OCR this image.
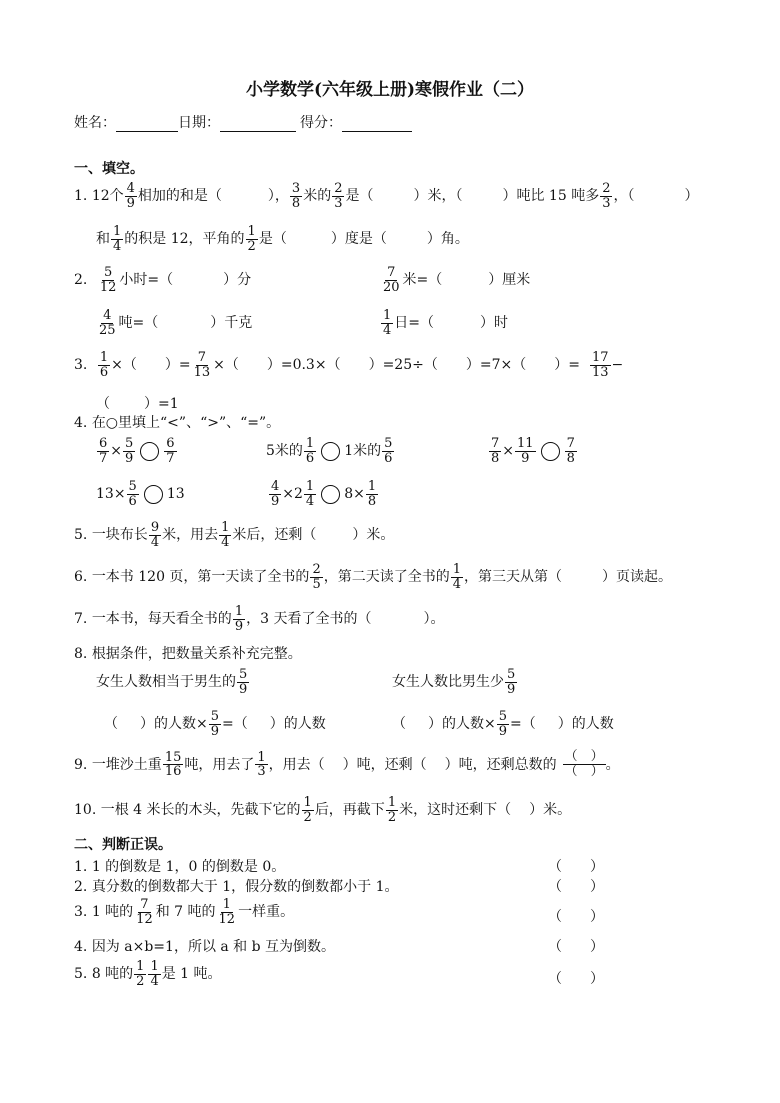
小学数学(六年级上册)寒假作业（二）
姓名：	日期：	得分：
一、填空。
1. 12个 $\frac{4}{9}$ 相加的和是（	）， $\frac{3}{8}$ 米的 $\frac{2}{3}$ 是（	）米，（	）吨比 15 吨多 $\frac{2}{3}$ ，（	）
和 $\frac{1}{4}$ 的积是 12，平角的 $\frac{1}{2}$ 是（	）度是（	）角。
2. $\frac{5}{12}$ 小时=（	）分	$\frac{7}{20}$ 米=（	）厘米
$\frac{4}{25}$ 吨=（	）千克	$\frac{1}{4}$ 日=（	）时
3. $\frac{1}{6}$ ×（ ）= $\frac{7}{13}$ ×（ ）=0.3×（ ）=25÷（ ）=7×（ ）= $\frac{17}{13}$ −
（ ）=1
4. 在○里填上“<”、“>”、“=”。
$\frac{6}{7} \times \frac{5}{9} \frac{6}{7}$	5米的 $\frac{1}{6} 1$米的 $\frac{5}{6}$	$\frac{7}{8} \times \frac{11}{9} \frac{7}{8}$
$13\times \frac{5}{6} 13$	$\frac{4}{9} \times 2 \frac{1}{4} 8\times \frac{1}{8}$
5. 一块布长 $\frac{9}{4}$ 米，用去 $\frac{1}{4}$ 米后，还剩（	）米。
6. 一本书 120 页，第一天读了全书的 $\frac{2}{5}$ ，第二天读了全书的 $\frac{1}{4}$ ，第三天从第（	）页读起。
7. 一本书，每天看全书的 $\frac{1}{9}$ ，3 天看了全书的（	）。
8. 根据条件，把数量关系补充完整。
女生人数相当于男生的 $\frac{5}{9}$	女生人数比男生少 $\frac{5}{9}$
（ ）的人数× $\frac{5}{9}$ =（ ）的人数	（ ）的人数× $\frac{5}{9}$ =（ ）的人数
9. 一堆沙土重 $\frac{15}{16}$ 吨，用去了 $\frac{1}{3}$ ，用去（ ）吨，还剩（ ）吨，还剩总数的
（　）
（　） 。
10. 一根 4 米长的木头，先截下它的 $\frac{1}{2}$ 后，再截下 $\frac{1}{2}$ 米，这时还剩下（ ）米。
二、判断正误。
1. 1 的倒数是 1，0 的倒数是 0。	（　　）
2. 真分数的倒数都大于 1，假分数的倒数都小于 1。	（　　）
3. 1 吨的 $\frac{7}{12}$ 和 7 吨的 $\frac{1}{12}$ 一样重。	（　　）
4. 因为 a×b=1，所以 a 和 b 互为倒数。	（　　）
5. 8 吨的 $\frac{1}{2} \frac{1}{4}$ 是 1 吨。	（　　）
